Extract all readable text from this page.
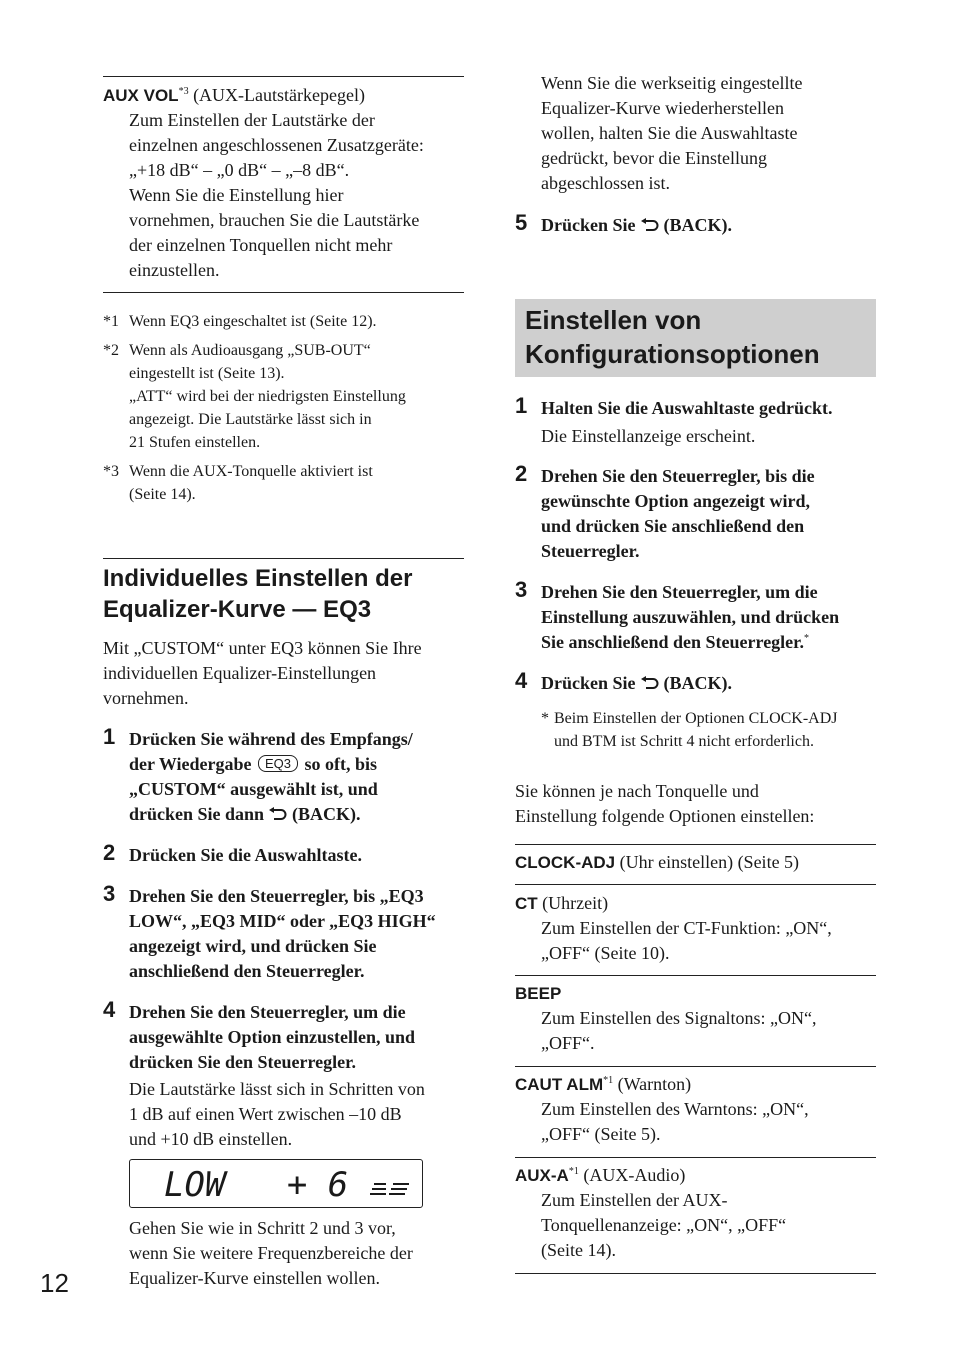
AUX VOL$^{*3}$ (AUX-Lautstärkepegel)
Zum Einstellen der Lautstärke der
einzelnen angeschlossenen Zusatzgeräte:
„+18 dB“ – „0 dB“ – „–8 dB“.
Wenn Sie die Einstellung hier
vornehmen, brauchen Sie die Lautstärke
der einzelnen Tonquellen nicht mehr
einzustellen.
*1 Wenn EQ3 eingeschaltet ist (Seite 12).
*2 Wenn als Audioausgang „SUB-OUT“
eingestellt ist (Seite 13).
„ATT“ wird bei der niedrigsten Einstellung
angezeigt. Die Lautstärke lässt sich in
21 Stufen einstellen.
*3 Wenn die AUX-Tonquelle aktiviert ist
(Seite 14).
Individuelles Einstellen der
Equalizer-Kurve — EQ3
Mit „CUSTOM“ unter EQ3 können Sie Ihre
individuellen Equalizer-Einstellungen
vornehmen.
1 Drücken Sie während des Empfangs/
der Wiedergabe EQ3 so oft, bis
„CUSTOM“ ausgewählt ist, und
drücken Sie dann (BACK).
2 Drücken Sie die Auswahltaste.
3 Drehen Sie den Steuerregler, bis „EQ3
LOW“, „EQ3 MID“ oder „EQ3 HIGH“
angezeigt wird, und drücken Sie
anschließend den Steuerregler.
4 Drehen Sie den Steuerregler, um die
ausgewählte Option einzustellen, und
drücken Sie den Steuerregler.
Die Lautstärke lässt sich in Schritten von
1 dB auf einen Wert zwischen –10 dB
und +10 dB einstellen.
LOW   + 6
Gehen Sie wie in Schritt 2 und 3 vor,
wenn Sie weitere Frequenzbereiche der
Equalizer-Kurve einstellen wollen.
Wenn Sie die werkseitig eingestellte
Equalizer-Kurve wiederherstellen
wollen, halten Sie die Auswahltaste
gedrückt, bevor die Einstellung
abgeschlossen ist.
5 Drücken Sie (BACK).
Einstellen von
Konfigurationsoptionen
1 Halten Sie die Auswahltaste gedrückt.
Die Einstellanzeige erscheint.
2 Drehen Sie den Steuerregler, bis die
gewünschte Option angezeigt wird,
und drücken Sie anschließend den
Steuerregler.
3 Drehen Sie den Steuerregler, um die
Einstellung auszuwählen, und drücken
Sie anschließend den Steuerregler.*
4 Drücken Sie (BACK).
* Beim Einstellen der Optionen CLOCK-ADJ
und BTM ist Schritt 4 nicht erforderlich.
Sie können je nach Tonquelle und
Einstellung folgende Optionen einstellen:
CLOCK-ADJ (Uhr einstellen) (Seite 5)
CT (Uhrzeit)
Zum Einstellen der CT-Funktion: „ON“,
„OFF“ (Seite 10).
BEEP
Zum Einstellen des Signaltons: „ON“,
„OFF“.
CAUT ALM$^{*1}$ (Warnton)
Zum Einstellen des Warntons: „ON“,
„OFF“ (Seite 5).
AUX-$A^{*1}$ (AUX-Audio)
Zum Einstellen der AUX-
Tonquellenanzeige: „ON“, „OFF“
(Seite 14).
12
